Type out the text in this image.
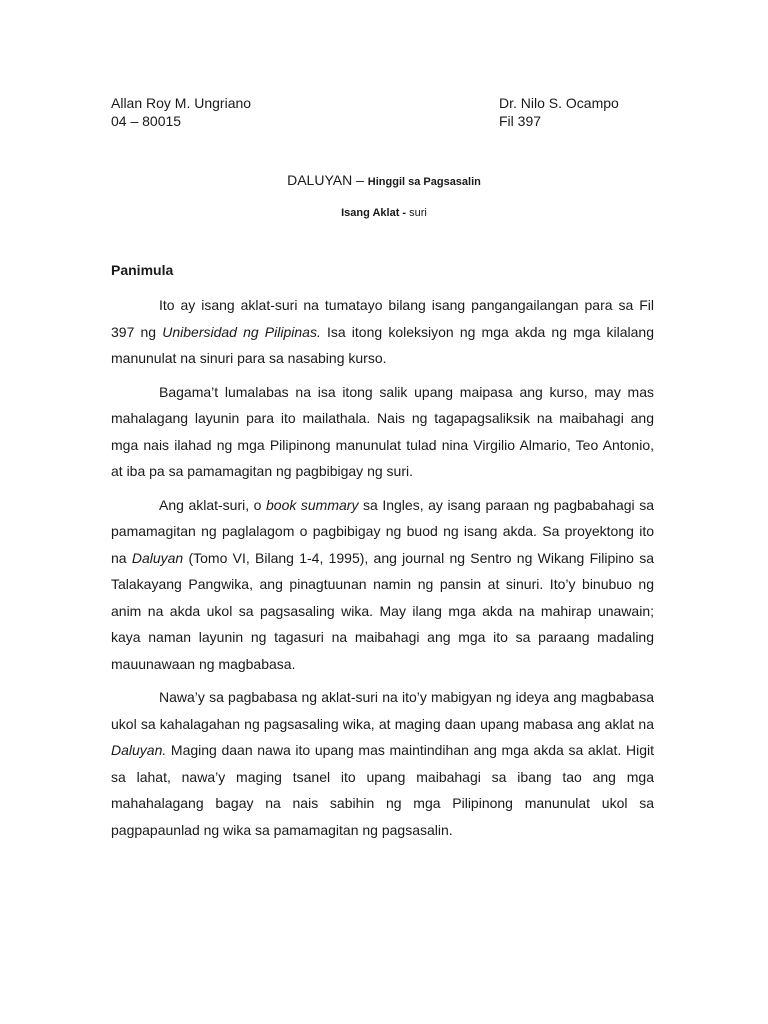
Allan Roy M. Ungriano
04 – 80015
Dr. Nilo S. Ocampo
Fil 397
DALUYAN – Hinggil sa Pagsasalin
Isang Aklat - suri
Panimula

Ito ay isang aklat-suri na tumatayo bilang isang pangangailangan para sa Fil 397 ng Unibersidad ng Pilipinas. Isa itong koleksiyon ng mga akda ng mga kilalang manunulat na sinuri para sa nasabing kurso.

Bagama’t lumalabas na isa itong salik upang maipasa ang kurso, may mas mahalagang layunin para ito mailathala. Nais ng tagapagsaliksik na maibahagi ang mga nais ilahad ng mga Pilipinong manunulat tulad nina Virgilio Almario, Teo Antonio, at iba pa sa pamamagitan ng pagbibigay ng suri.

Ang aklat-suri, o book summary sa Ingles, ay isang paraan ng pagbabahagi sa pamamagitan ng paglalagom o pagbibigay ng buod ng isang akda. Sa proyektong ito na Daluyan (Tomo VI, Bilang 1-4, 1995), ang journal ng Sentro ng Wikang Filipino sa Talakayang Pangwika, ang pinagtuunan namin ng pansin at sinuri. Ito’y binubuo ng anim na akda ukol sa pagsasaling wika. May ilang mga akda na mahirap unawain; kaya naman layunin ng tagasuri na maibahagi ang mga ito sa paraang madaling mauunawaan ng magbabasa.

Nawa’y sa pagbabasa ng aklat-suri na ito’y mabigyan ng ideya ang magbabasa ukol sa kahalagahan ng pagsasaling wika, at maging daan upang mabasa ang aklat na Daluyan. Maging daan nawa ito upang mas maintindihan ang mga akda sa aklat. Higit sa lahat, nawa’y maging tsanel ito upang maibahagi sa ibang tao ang mga mahahalagang bagay na nais sabihin ng mga Pilipinong manunulat ukol sa pagpapaunlad ng wika sa pamamagitan ng pagsasalin.
